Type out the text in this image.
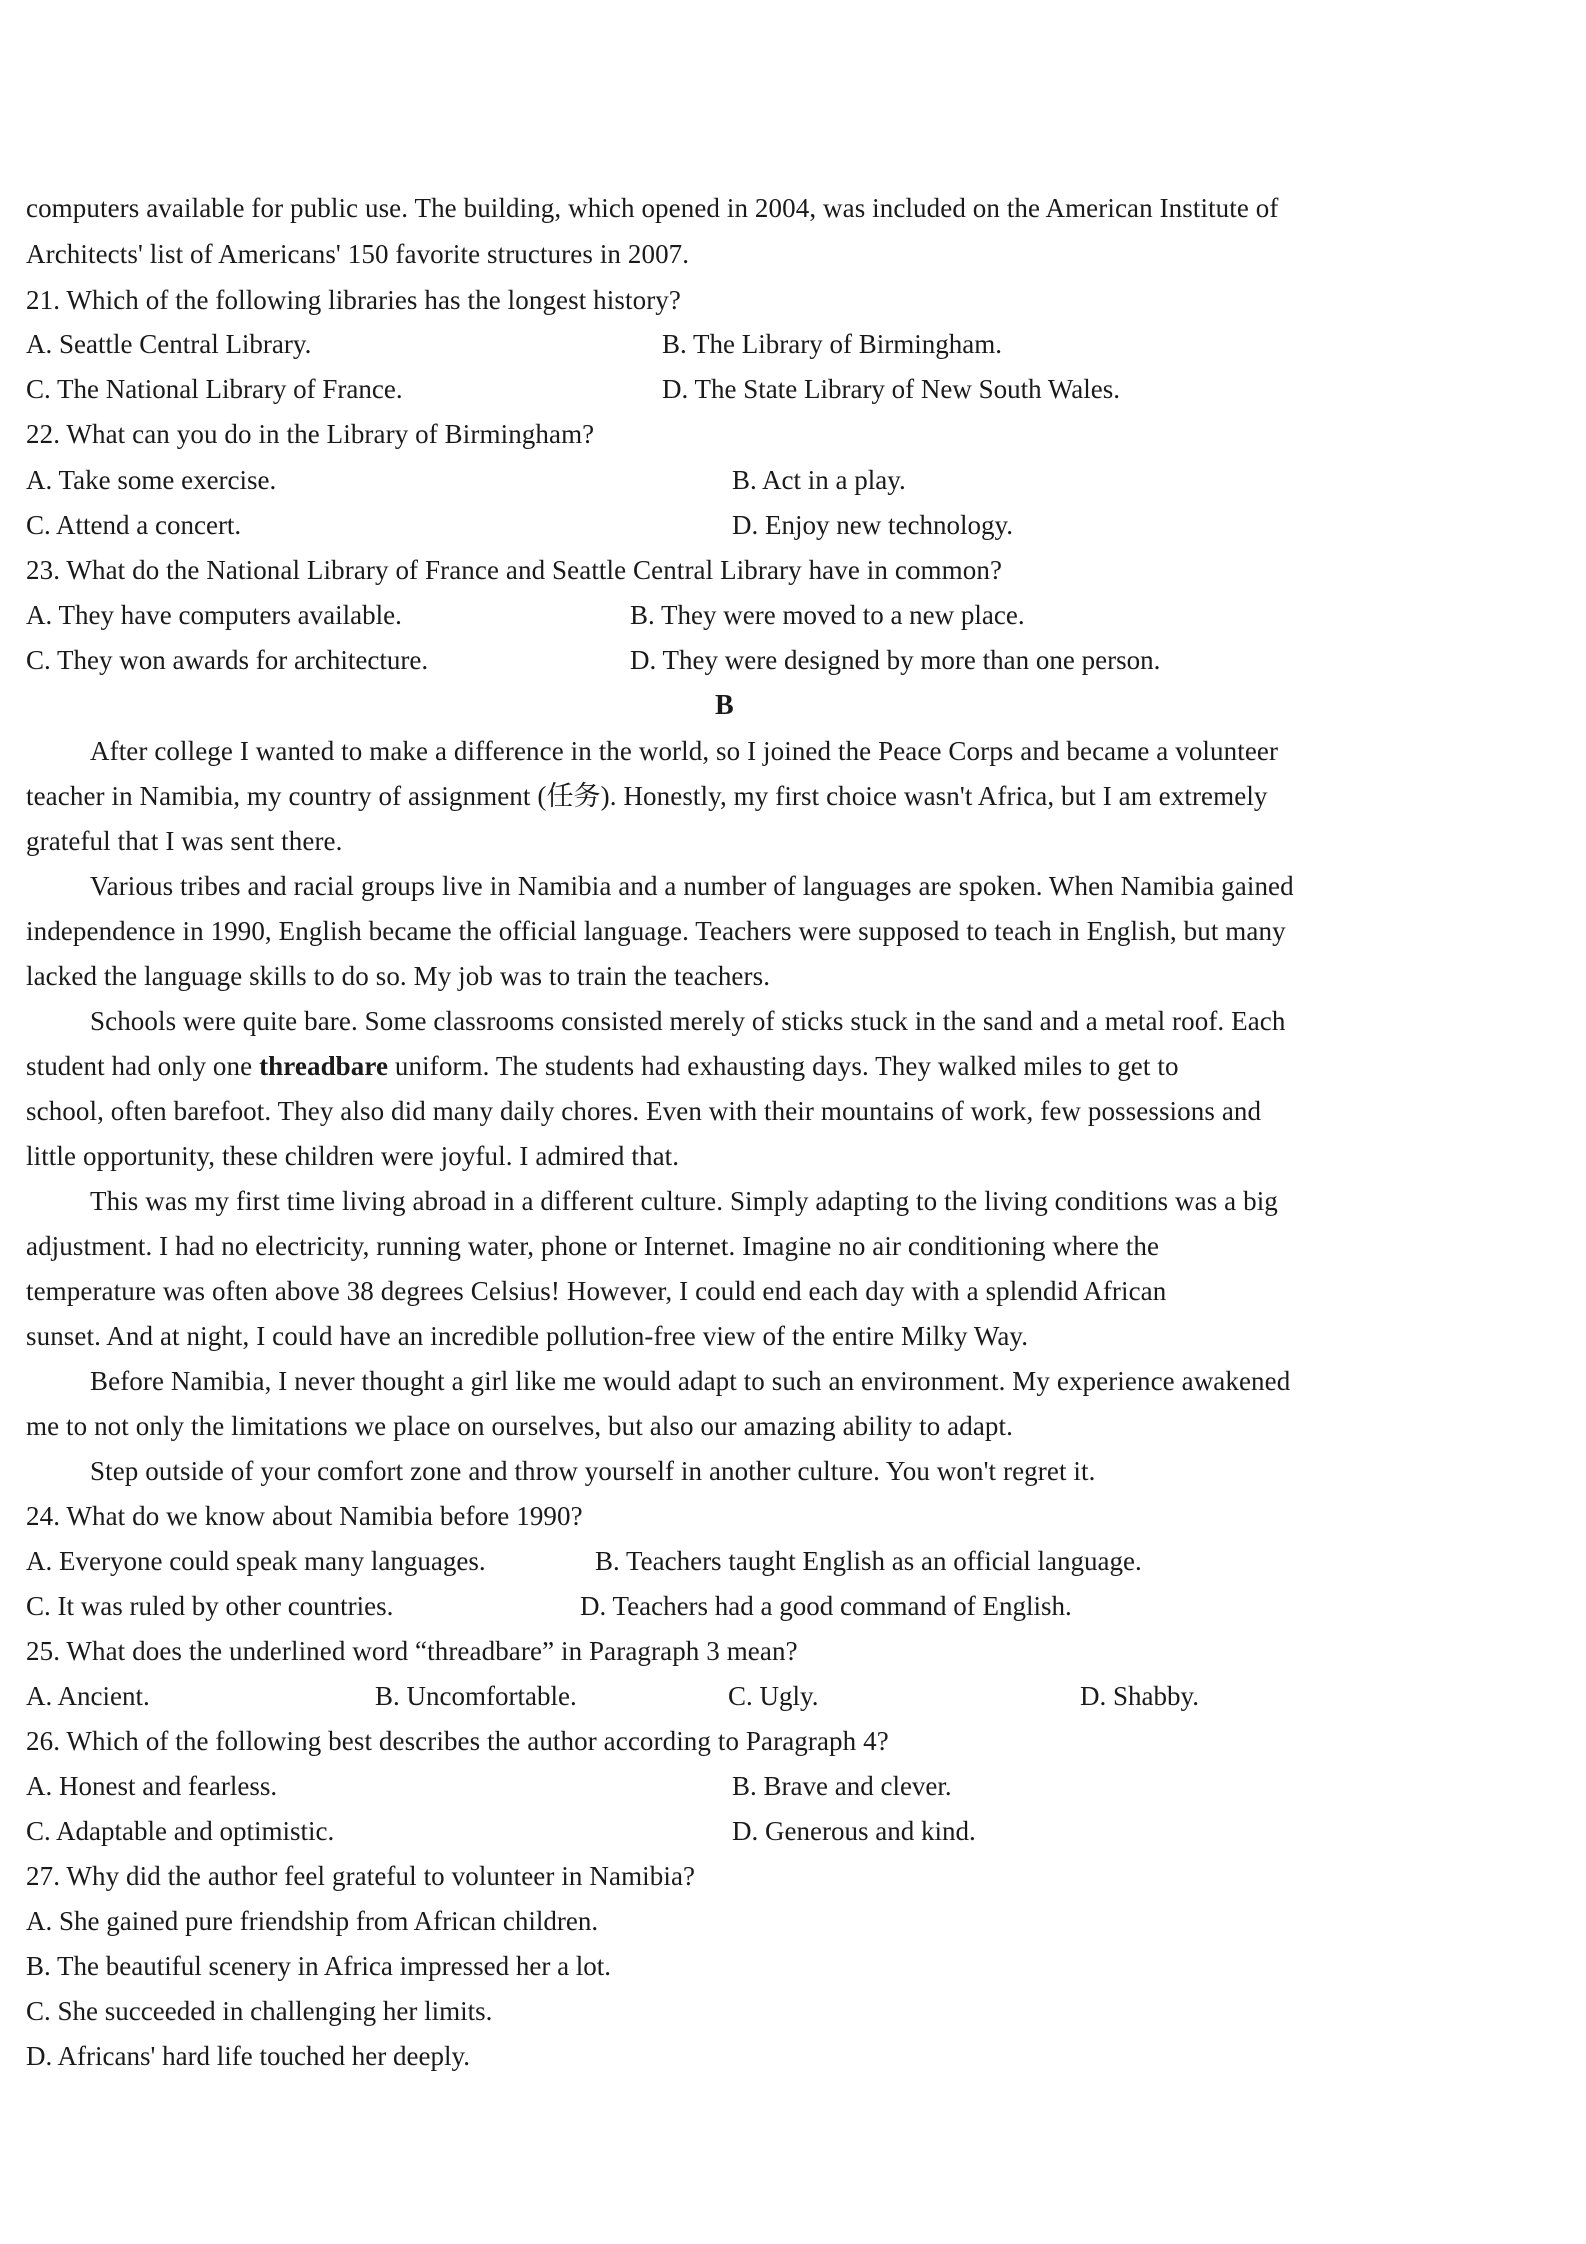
computers available for public use. The building, which opened in 2004, was included on the American Institute of
Architects' list of Americans' 150 favorite structures in 2007.
21. Which of the following libraries has the longest history?
A. Seattle Central Library.	B. The Library of Birmingham.
C. The National Library of France.	D. The State Library of New South Wales.
22. What can you do in the Library of Birmingham?
A. Take some exercise.	B. Act in a play.
C. Attend a concert.	D. Enjoy new technology.
23. What do the National Library of France and Seattle Central Library have in common?
A. They have computers available.	B. They were moved to a new place.
C. They won awards for architecture.	D. They were designed by more than one person.
B
After college I wanted to make a difference in the world, so I joined the Peace Corps and became a volunteer
teacher in Namibia, my country of assignment (任务). Honestly, my first choice wasn't Africa, but I am extremely
grateful that I was sent there.
Various tribes and racial groups live in Namibia and a number of languages are spoken. When Namibia gained
independence in 1990, English became the official language. Teachers were supposed to teach in English, but many
lacked the language skills to do so. My job was to train the teachers.
Schools were quite bare. Some classrooms consisted merely of sticks stuck in the sand and a metal roof. Each
student had only one threadbare uniform. The students had exhausting days. They walked miles to get to
school, often barefoot. They also did many daily chores. Even with their mountains of work, few possessions and
little opportunity, these children were joyful. I admired that.
This was my first time living abroad in a different culture. Simply adapting to the living conditions was a big
adjustment. I had no electricity, running water, phone or Internet. Imagine no air conditioning where the
temperature was often above 38 degrees Celsius! However, I could end each day with a splendid African
sunset. And at night, I could have an incredible pollution-free view of the entire Milky Way.
Before Namibia, I never thought a girl like me would adapt to such an environment. My experience awakened
me to not only the limitations we place on ourselves, but also our amazing ability to adapt.
Step outside of your comfort zone and throw yourself in another culture. You won't regret it.
24. What do we know about Namibia before 1990?
A. Everyone could speak many languages.	B. Teachers taught English as an official language.
C. It was ruled by other countries.	D. Teachers had a good command of English.
25. What does the underlined word “threadbare” in Paragraph 3 mean?
A. Ancient.	B. Uncomfortable.	C. Ugly.	D. Shabby.
26. Which of the following best describes the author according to Paragraph 4?
A. Honest and fearless.	B. Brave and clever.
C. Adaptable and optimistic.	D. Generous and kind.
27. Why did the author feel grateful to volunteer in Namibia?
A. She gained pure friendship from African children.
B. The beautiful scenery in Africa impressed her a lot.
C. She succeeded in challenging her limits.
D. Africans' hard life touched her deeply.
